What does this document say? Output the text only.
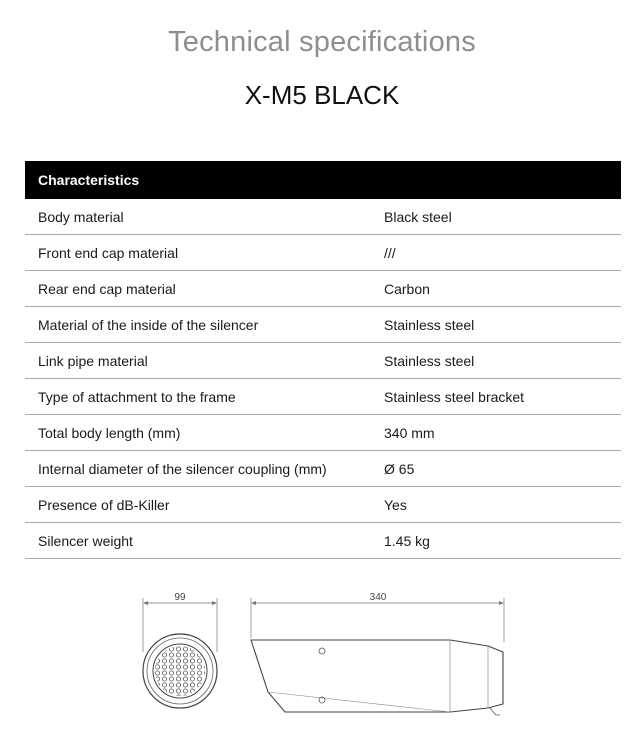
Technical specifications
X-M5 BLACK
Characteristics
Body material	Black steel
Front end cap material	///
Rear end cap material	Carbon
Material of the inside of the silencer	Stainless steel
Link pipe material	Stainless steel
Type of attachment to the frame	Stainless steel bracket
Total body length (mm)	340 mm
Internal diameter of the silencer coupling (mm)	Ø 65
Presence of dB-Killer	Yes
Silencer weight	1.45 kg
99	340
